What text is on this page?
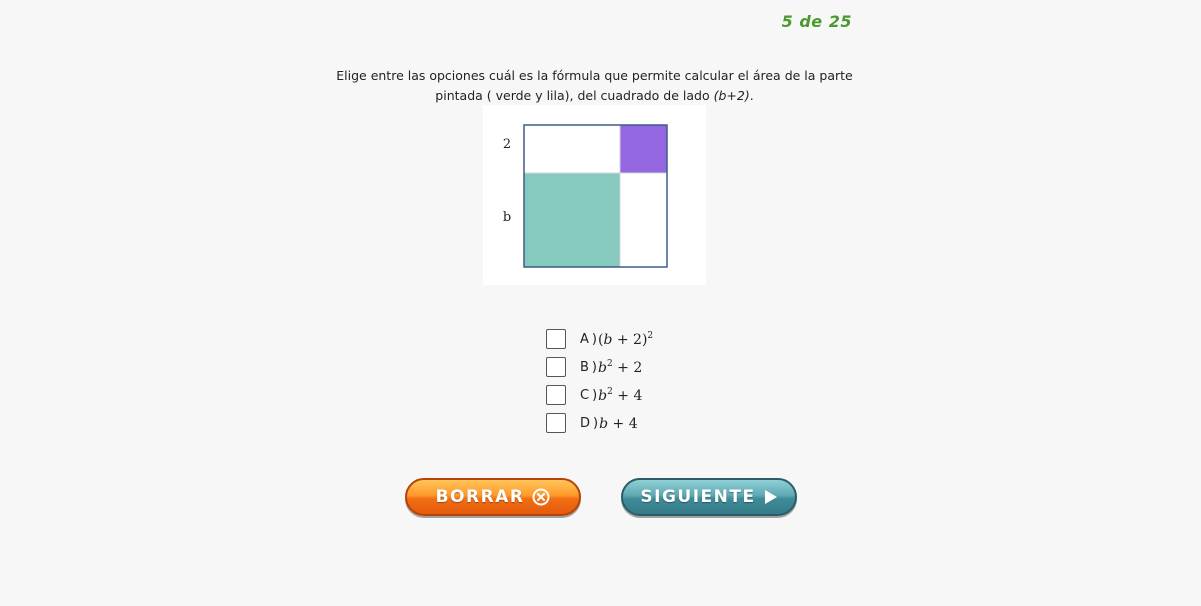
5 de 25
Elige entre las opciones cuál es la fórmula que permite calcular el área de la parte
pintada ( verde y lila), del cuadrado de lado (b+2).
2
b
A ) $(b + 2)^2$
B ) $b^2 + 2$
C ) $b^2 + 4$
D ) b + 4
BORRAR	SIGUIENTE
